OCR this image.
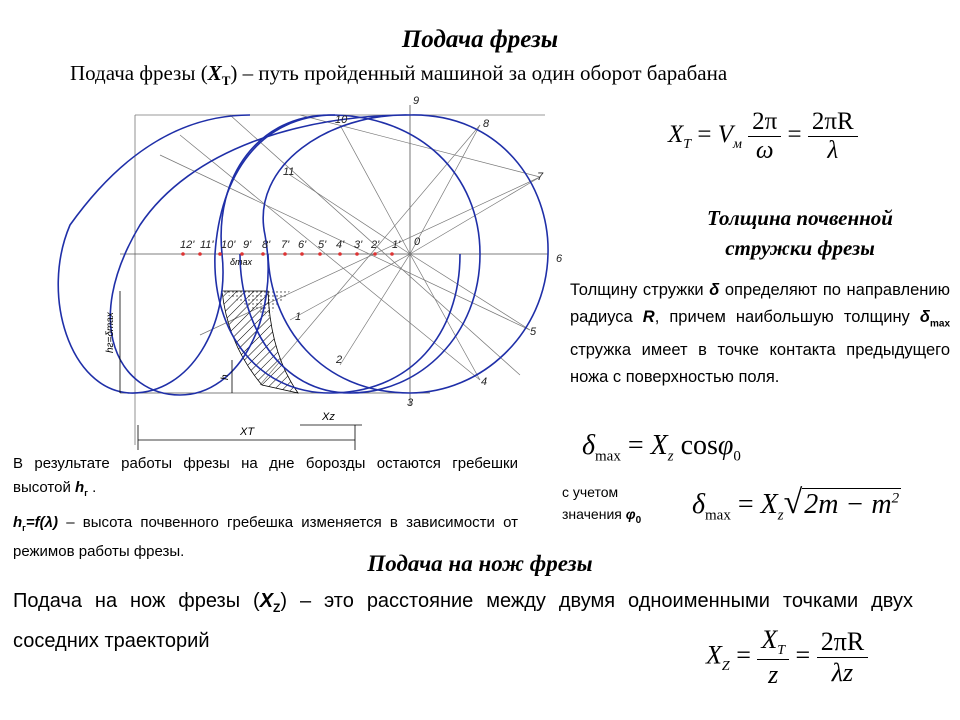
Подача фрезы
Подача фрезы $(X_T)$ – путь пройденный машиной за один оборот барабана
$X_T = V_м \frac{2\pi}{\omega} = \frac{2\pi R}{\lambda}$
Толщина почвенной
стружки фрезы
Толщину стружки δ определяют по направлению радиуса R, причем наибольшую толщину $\delta_{max}$ стружка имеет в точке контакта предыдущего ножа с поверхностью поля.
$\delta_{max} = X_z$ cosφ$_0$
с учетом
значения $\varphi_0$
$\delta_{max} = X_z√2m - m^2$
В результате работы фрезы на дне борозды остаются гребешки высотой $h_г$ .
$h_г=f(\lambda)$ – высота почвенного гребешка изменяется в зависимости от режимов работы фрезы.	Подача на нож фрезы
Подача на нож фрезы $(X_Z)$ – это расстояние между двумя одноименными точками двух соседних траекторий	$X_Z = \frac{X_T}{z} = \frac{2\pi R}{\lambda z}$
0
1
2
3
4
5
6
7
8
9
10
11
1'
2'
3'
4'
5'
6'
7'
8'
9'
10'
11'
12'
hг=δmax
h
Xz
XT
δmax
